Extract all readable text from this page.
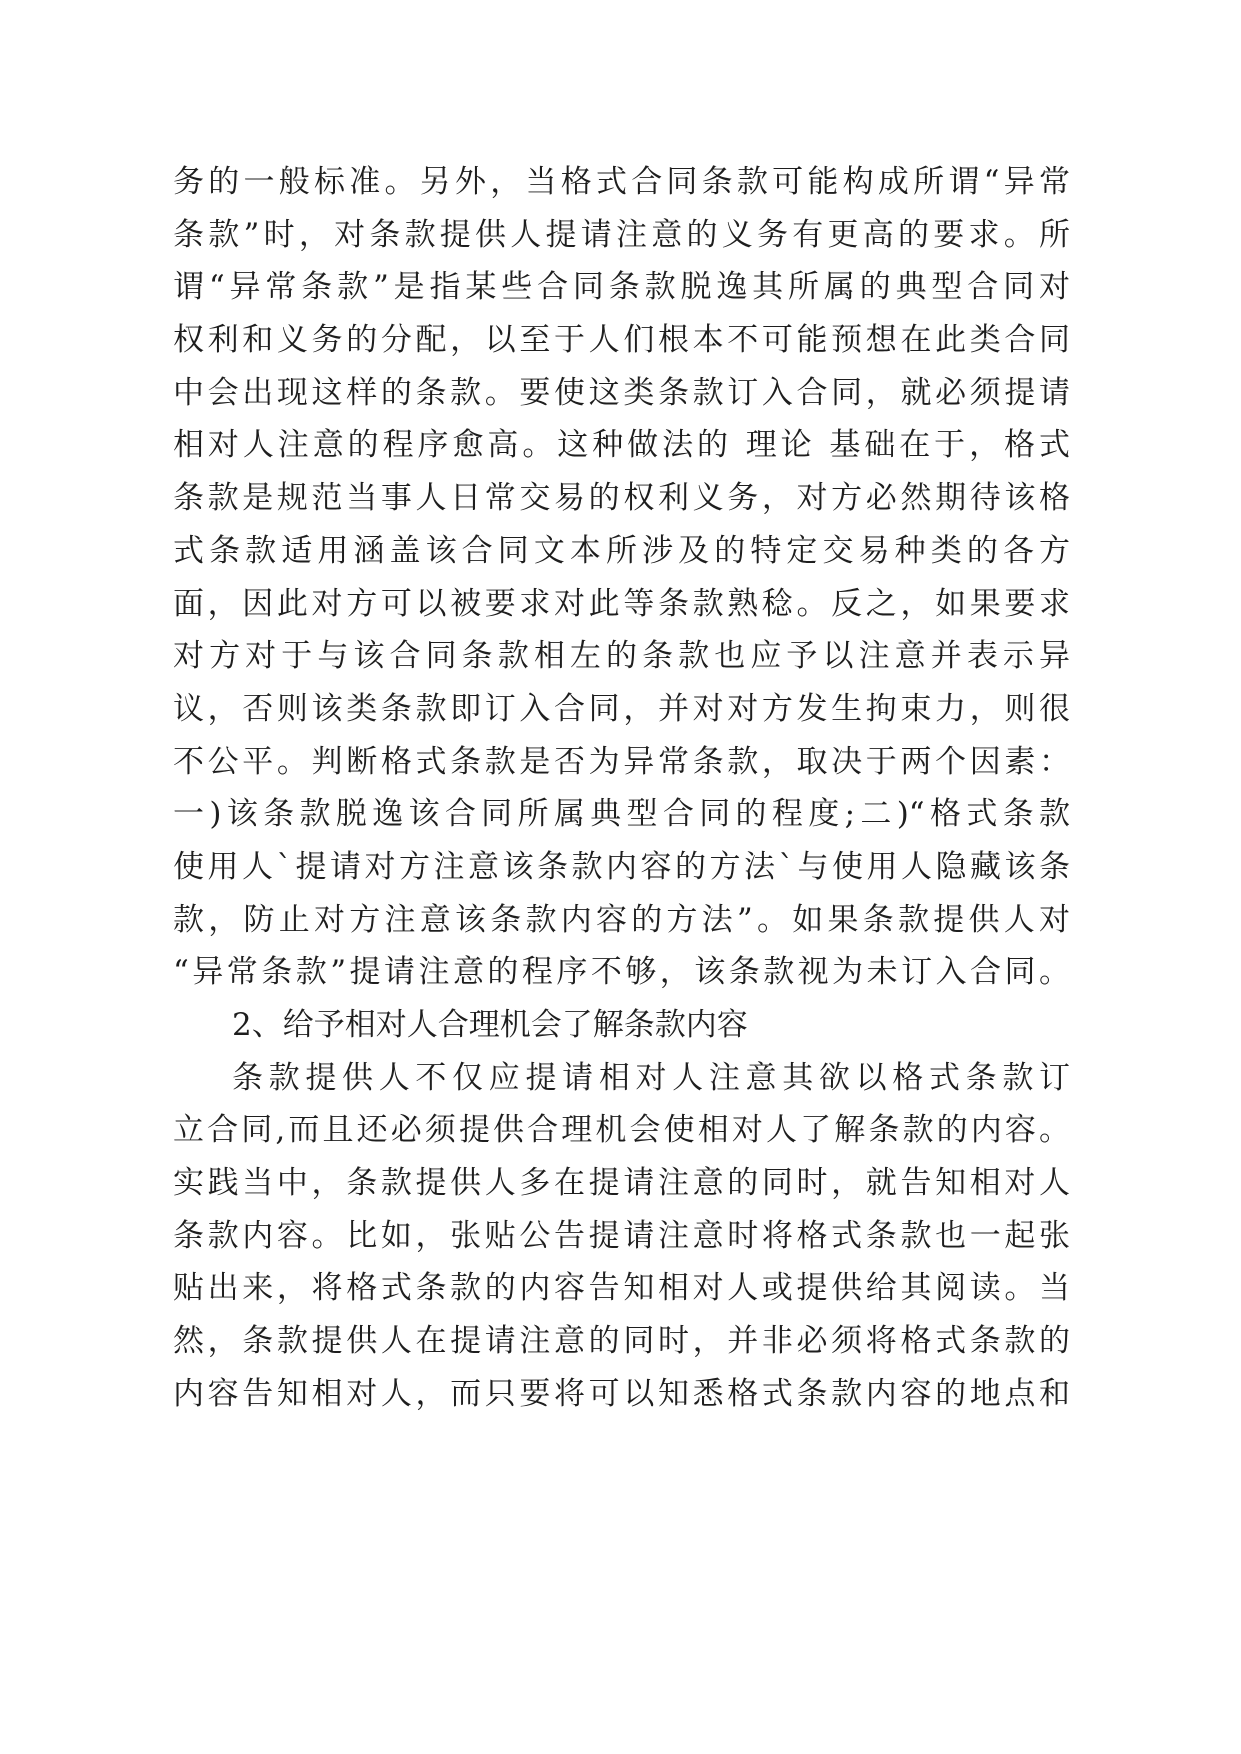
务的一般标准。另外，当格式合同条款可能构成所谓“异常
条款”时，对条款提供人提请注意的义务有更高的要求。所
谓“异常条款”是指某些合同条款脱逸其所属的典型合同对
权利和义务的分配，以至于人们根本不可能预想在此类合同
中会出现这样的条款。要使这类条款订入合同，就必须提请
相对人注意的程序愈高。这种做法的 理论 基础在于，格式
条款是规范当事人日常交易的权利义务，对方必然期待该格
式条款适用涵盖该合同文本所涉及的特定交易种类的各方
面，因此对方可以被要求对此等条款熟稔。反之，如果要求
对方对于与该合同条款相左的条款也应予以注意并表示异
议，否则该类条款即订入合同，并对对方发生拘束力，则很
不公平。判断格式条款是否为异常条款，取决于两个因素：
一)该条款脱逸该合同所属典型合同的程度;二)“格式条款
使用人`提请对方注意该条款内容的方法`与使用人隐藏该条
款，防止对方注意该条款内容的方法”。如果条款提供人对
“异常条款”提请注意的程序不够，该条款视为未订入合同。
2、给予相对人合理机会了解条款内容
条款提供人不仅应提请相对人注意其欲以格式条款订
立合同,而且还必须提供合理机会使相对人了解条款的内容。
实践当中，条款提供人多在提请注意的同时，就告知相对人
条款内容。比如，张贴公告提请注意时将格式条款也一起张
贴出来，将格式条款的内容告知相对人或提供给其阅读。当
然，条款提供人在提请注意的同时，并非必须将格式条款的
内容告知相对人，而只要将可以知悉格式条款内容的地点和
